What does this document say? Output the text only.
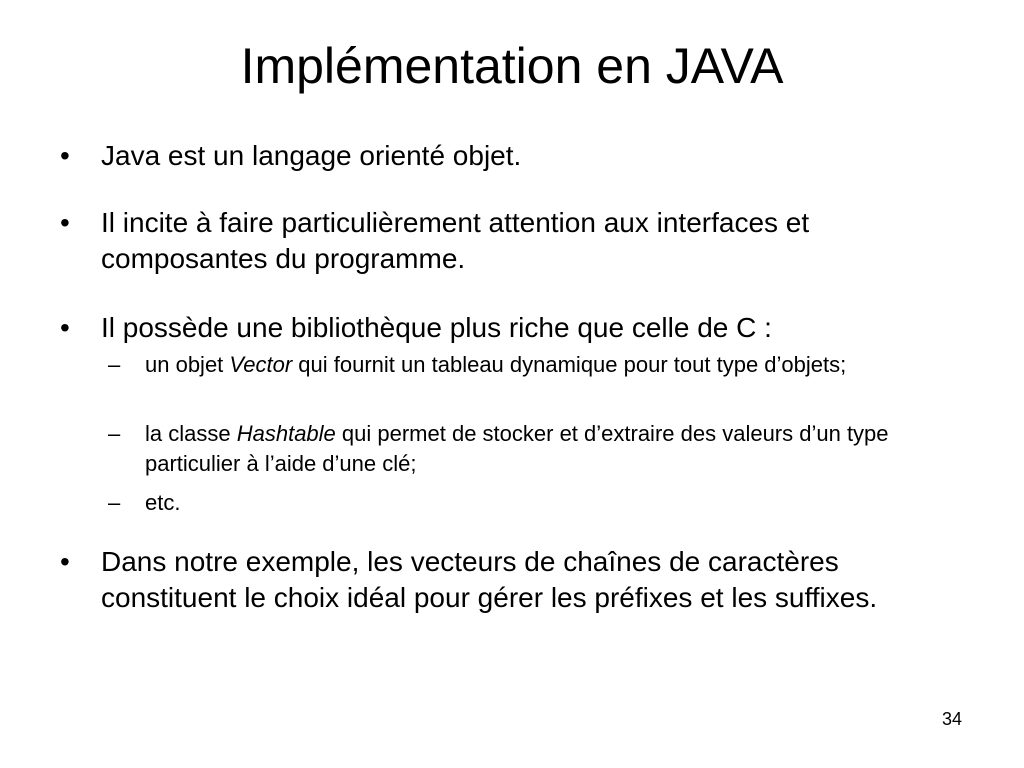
Implémentation en JAVA
• Java est un langage orienté objet.
• Il incite à faire particulièrement attention aux interfaces et composantes du programme.
• Il possède une bibliothèque plus riche que celle de C :
– un objet Vector qui fournit un tableau dynamique pour tout type d’objets;
– la classe Hashtable qui permet de stocker et d’extraire des valeurs d’un type particulier à l’aide d’une clé;
– etc.
• Dans notre exemple, les vecteurs de chaînes de caractères constituent le choix idéal pour gérer les préfixes et les suffixes.
34
